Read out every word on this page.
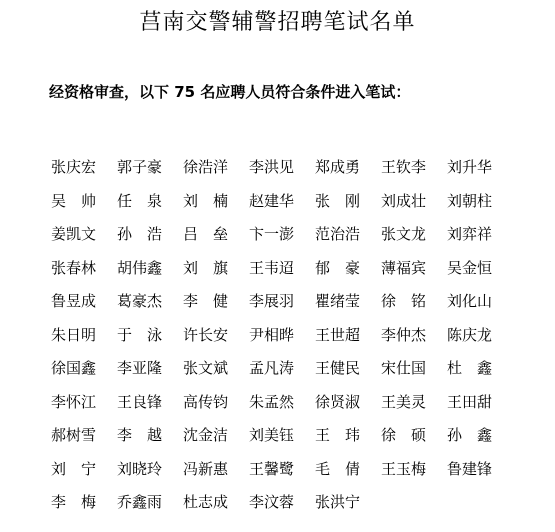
莒南交警辅警招聘笔试名单
经资格审查，以下 75 名应聘人员符合条件进入笔试：
张庆宏	郭子豪	徐浩洋	李洪见	郑成勇	王钦李	刘升华
吴　帅	任　泉	刘　楠	赵建华	张　刚	刘成壮	刘朝柱
姜凯文	孙　浩	吕　垒	卞一澎	范治浩	张文龙	刘弈祥
张春林	胡伟鑫	刘　旗	王韦迢	郁　豪	薄福宾	吴金恒
鲁昱成	葛豪杰	李　健	李展羽	瞿绪莹	徐　铭	刘化山
朱日明	于　泳	许长安	尹相晔	王世超	李仲杰	陈庆龙
徐国鑫	李亚隆	张文斌	孟凡涛	王健民	宋仕国	杜　鑫
李怀江	王良锋	高传钧	朱孟然	徐贤淑	王美灵	王田甜
郝树雪	李　越	沈金洁	刘美钰	王　玮	徐　硕	孙　鑫
刘　宁	刘晓玲	冯新惠	王馨鹭	毛　倩	王玉梅	鲁建锋
李　梅	乔鑫雨	杜志成	李汶蓉	张洪宁
